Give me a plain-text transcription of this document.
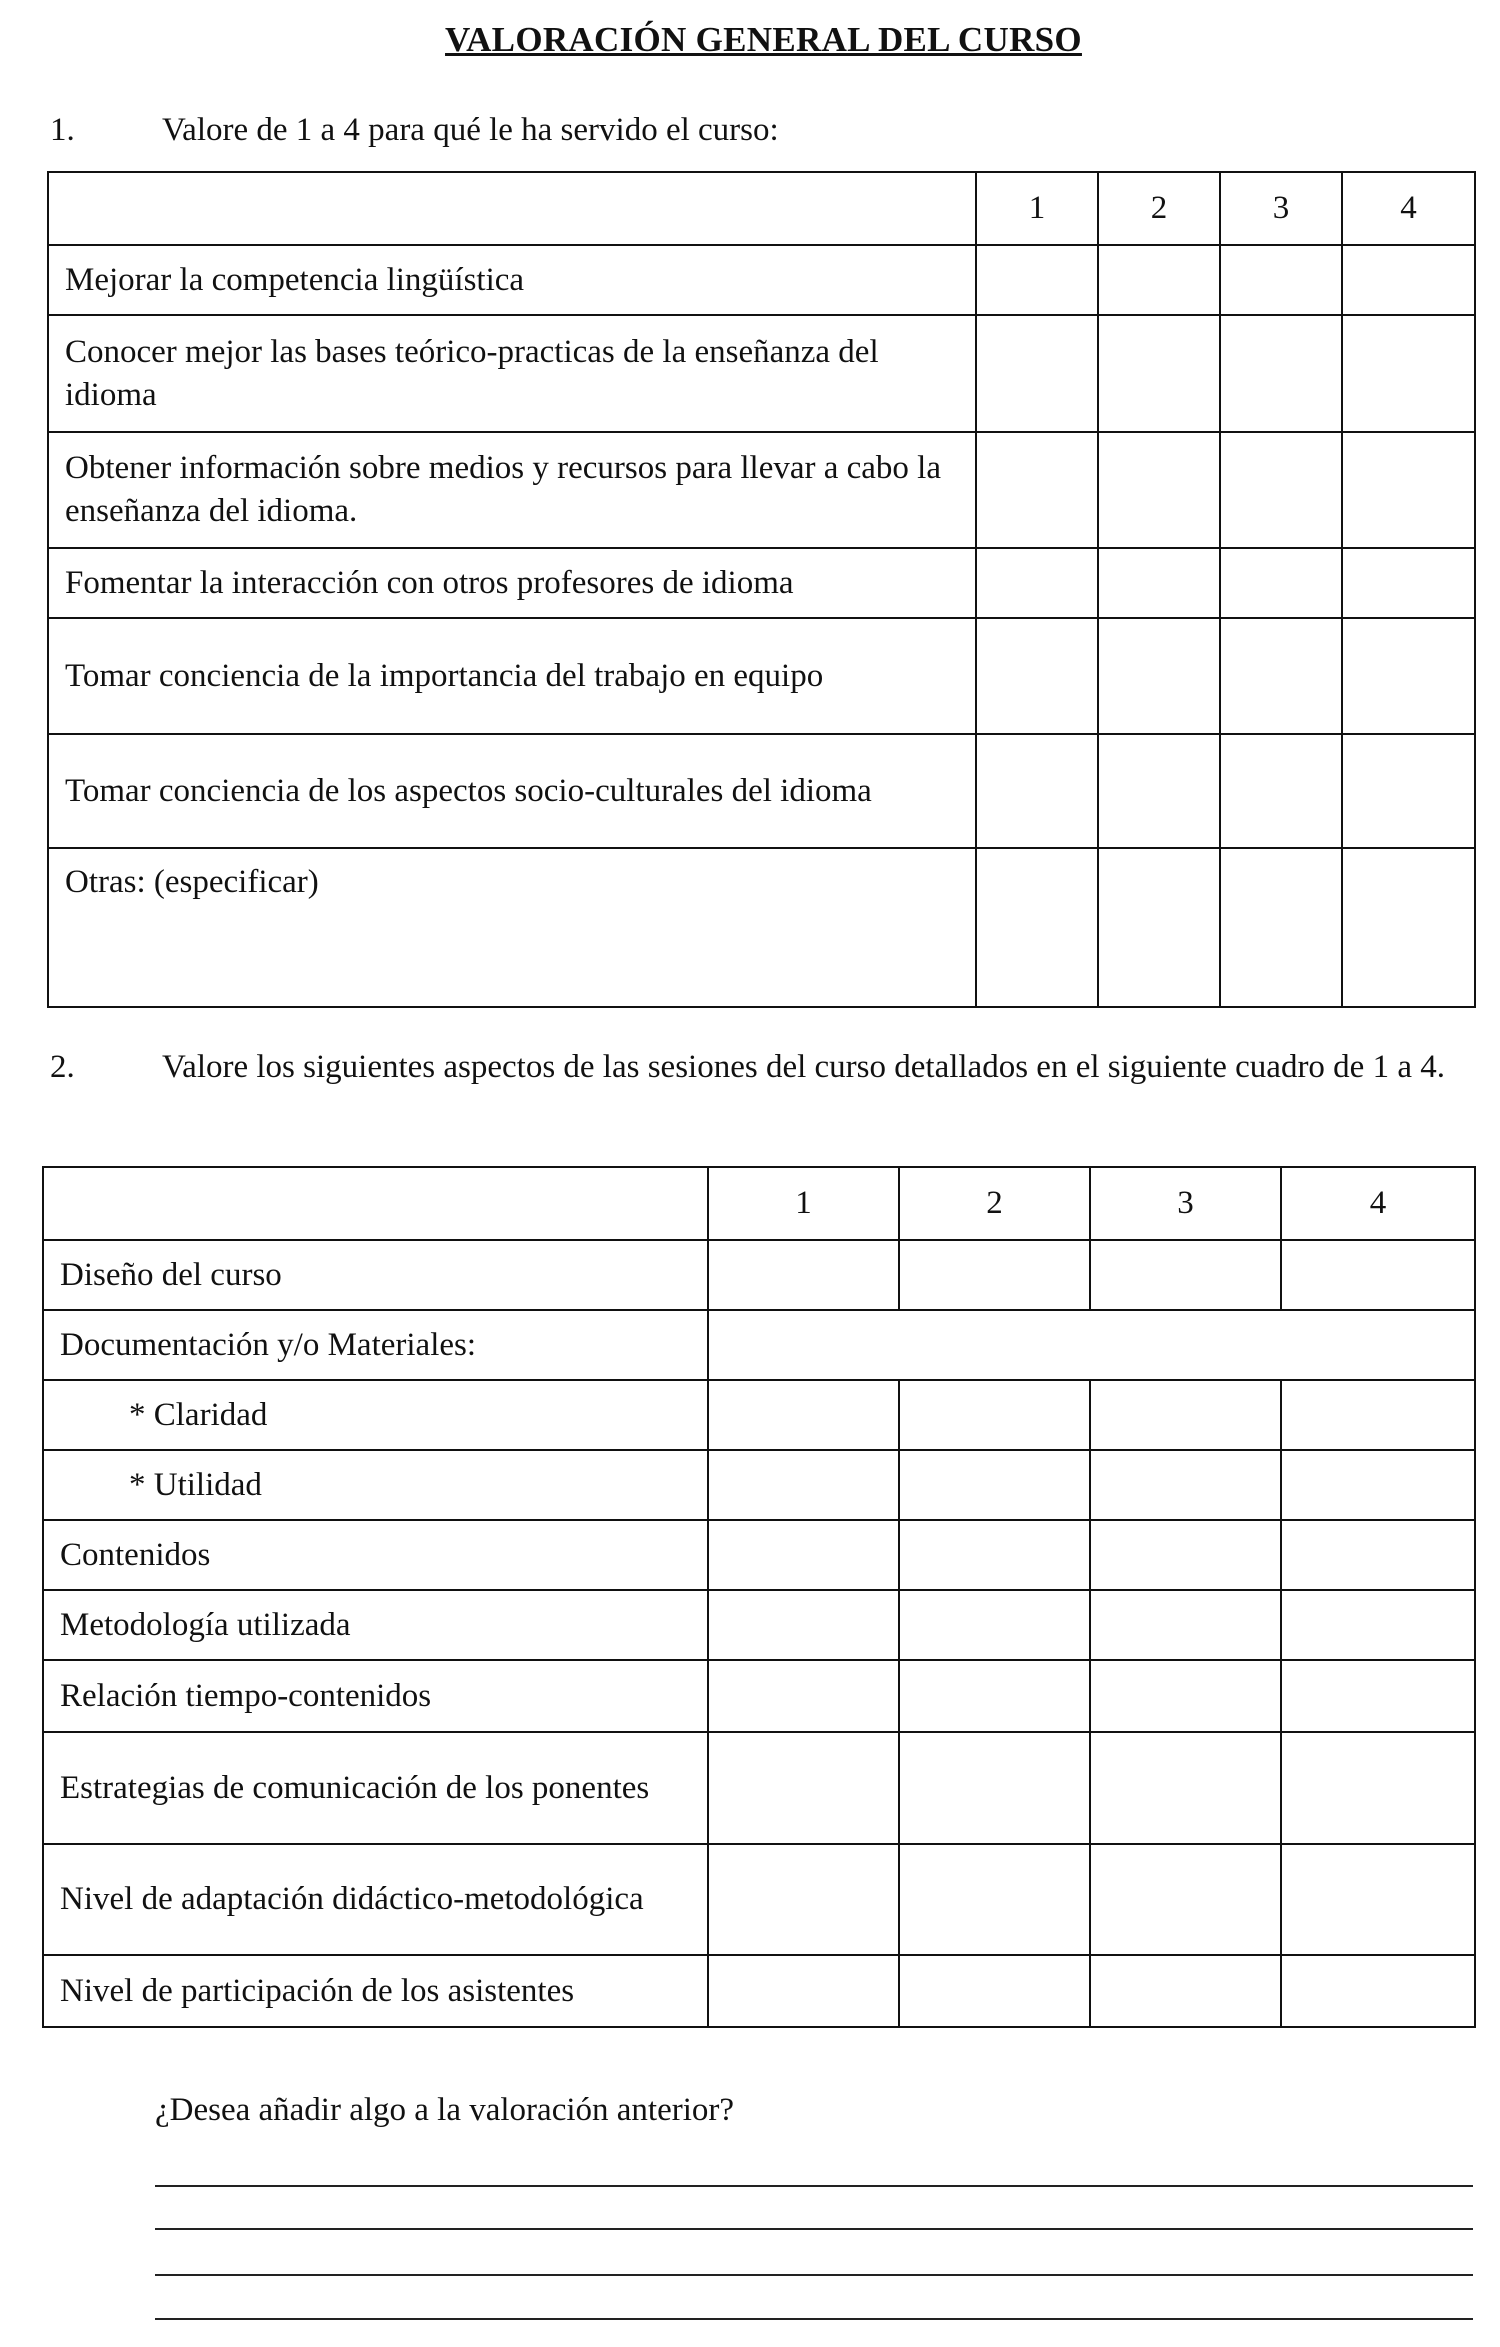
VALORACIÓN GENERAL DEL CURSO
1.	Valore de 1 a 4 para qué le ha servido el curso:
	1	2	3	4
Mejorar la competencia lingüística				
Conocer mejor las bases teórico-practicas de la enseñanza del idioma				
Obtener información sobre medios y recursos para llevar a cabo la enseñanza del idioma.				
Fomentar la interacción con otros profesores de idioma				
Tomar conciencia de la importancia del trabajo en equipo				
Tomar conciencia de los aspectos socio-culturales del idioma				
Otras: (especificar)				
2.	Valore los siguientes aspectos de las sesiones del curso detallados en el siguiente cuadro de 1 a 4.
	1	2	3	4
Diseño del curso				
Documentación y/o Materiales:				
* Claridad				
* Utilidad				
Contenidos				
Metodología utilizada				
Relación tiempo-contenidos				
Estrategias de comunicación de los ponentes				
Nivel de adaptación didáctico-metodológica				
Nivel de participación de los asistentes				
¿Desea añadir algo a la valoración anterior?
